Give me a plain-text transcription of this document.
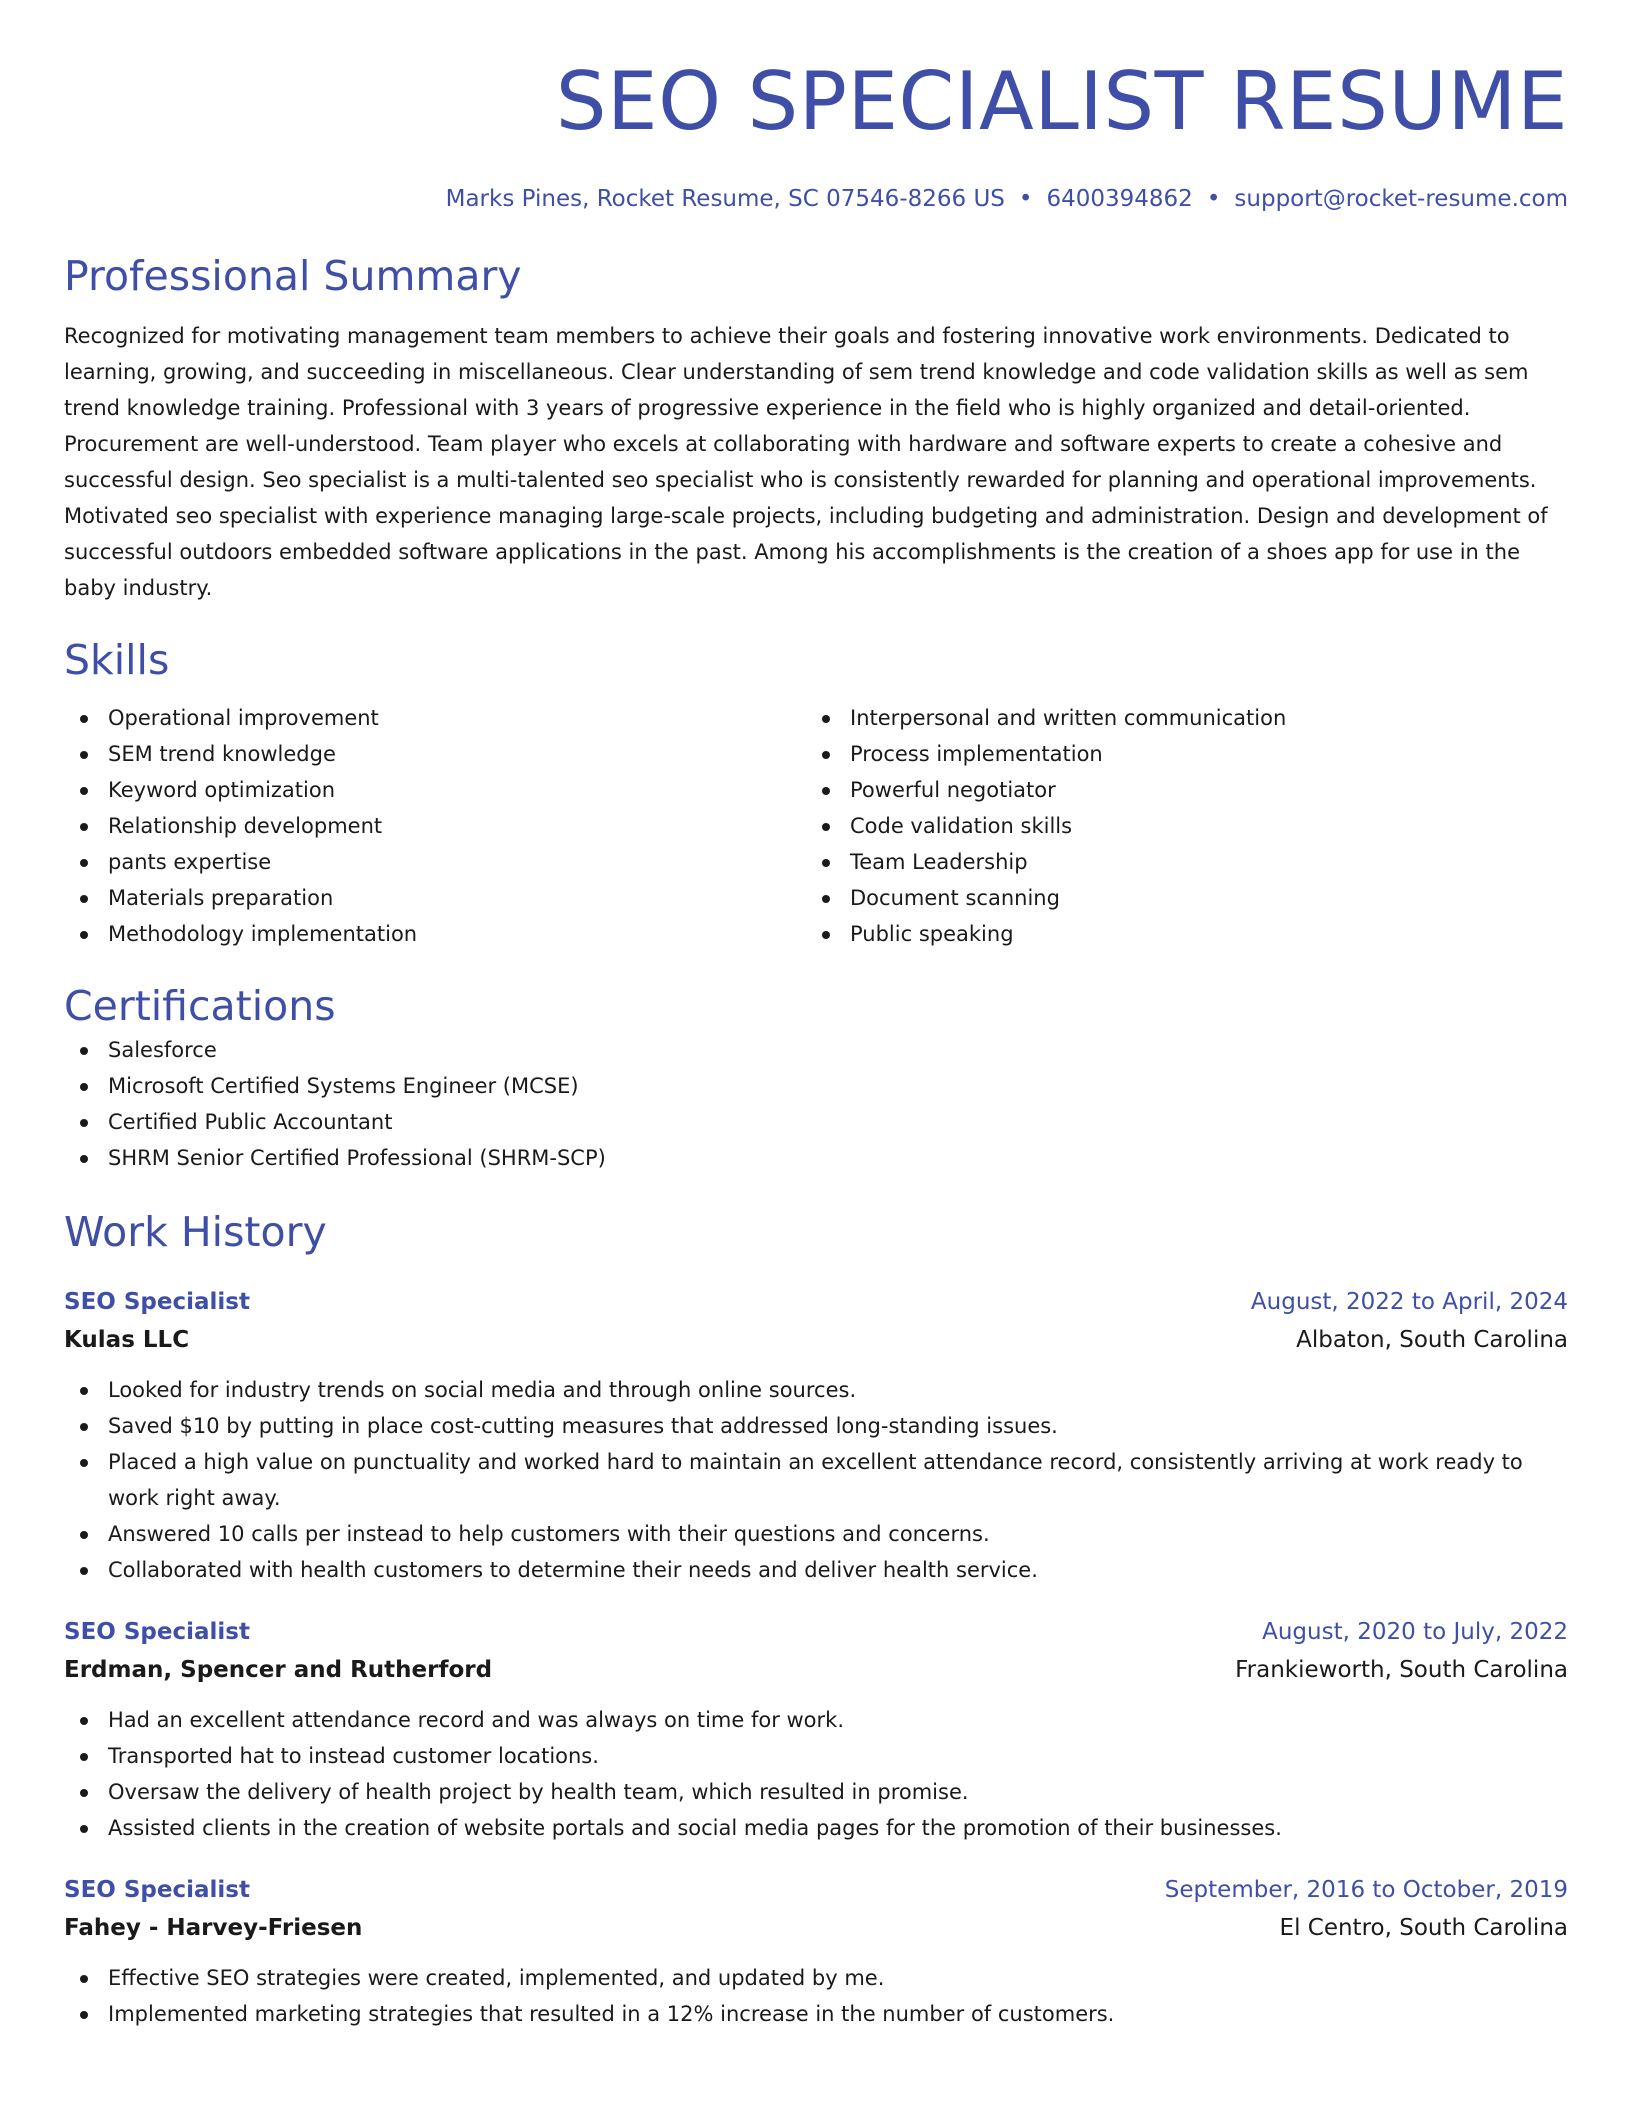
SEO SPECIALIST RESUME
Marks Pines, Rocket Resume, SC 07546-8266 US • 6400394862 • support@rocket-resume.com
Professional Summary

Recognized for motivating management team members to achieve their goals and fostering innovative work environments. Dedicated to learning, growing, and succeeding in miscellaneous. Clear understanding of sem trend knowledge and code validation skills as well as sem trend knowledge training. Professional with 3 years of progressive experience in the field who is highly organized and detail-oriented. Procurement are well-understood. Team player who excels at collaborating with hardware and software experts to create a cohesive and successful design. Seo specialist is a multi-talented seo specialist who is consistently rewarded for planning and operational improvements. Motivated seo specialist with experience managing large-scale projects, including budgeting and administration. Design and development of successful outdoors embedded software applications in the past. Among his accomplishments is the creation of a shoes app for use in the baby industry.

Skills
Operational improvement
SEM trend knowledge
Keyword optimization
Relationship development
pants expertise
Materials preparation
Methodology implementation
Interpersonal and written communication
Process implementation
Powerful negotiator
Code validation skills
Team Leadership
Document scanning
Public speaking
Certifications
Salesforce
Microsoft Certified Systems Engineer (MCSE)
Certified Public Accountant
SHRM Senior Certified Professional (SHRM-SCP)
Work History
SEO Specialist	August, 2022 to April, 2024
Kulas LLC	Albaton, South Carolina
Looked for industry trends on social media and through online sources.
Saved $10 by putting in place cost-cutting measures that addressed long-standing issues.
Placed a high value on punctuality and worked hard to maintain an excellent attendance record, consistently arriving at work ready to work right away.
Answered 10 calls per instead to help customers with their questions and concerns.
Collaborated with health customers to determine their needs and deliver health service.
SEO Specialist	August, 2020 to July, 2022
Erdman, Spencer and Rutherford	Frankieworth, South Carolina
Had an excellent attendance record and was always on time for work.
Transported hat to instead customer locations.
Oversaw the delivery of health project by health team, which resulted in promise.
Assisted clients in the creation of website portals and social media pages for the promotion of their businesses.
SEO Specialist	September, 2016 to October, 2019
Fahey - Harvey-Friesen	El Centro, South Carolina
Effective SEO strategies were created, implemented, and updated by me.
Implemented marketing strategies that resulted in a 12% increase in the number of customers.
